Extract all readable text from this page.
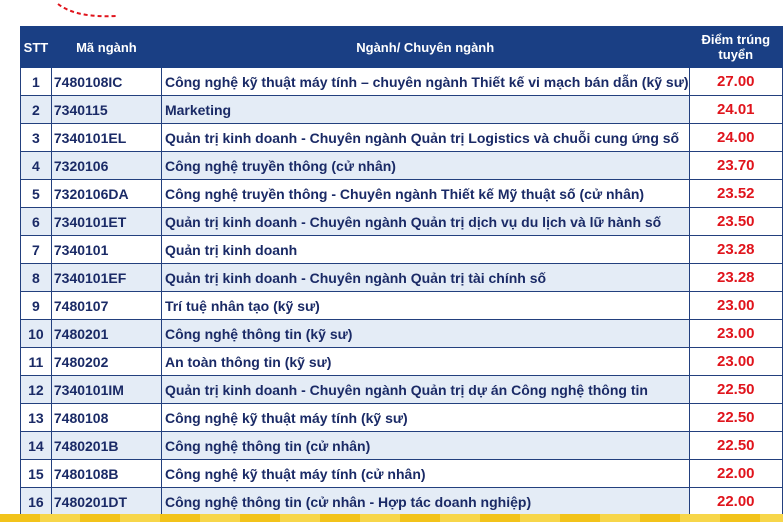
STT	Mã ngành	Ngành/ Chuyên ngành	Điểm trúng tuyển
1	7480108IC	Công nghệ kỹ thuật máy tính – chuyên ngành Thiết kế vi mạch bán dẫn (kỹ sư)	27.00
2	7340115	Marketing	24.01
3	7340101EL	Quản trị kinh doanh - Chuyên ngành Quản trị Logistics và chuỗi cung ứng số	24.00
4	7320106	Công nghệ truyền thông (cử nhân)	23.70
5	7320106DA	Công nghệ truyền thông - Chuyên ngành Thiết kế Mỹ thuật số (cử nhân)	23.52
6	7340101ET	Quản trị kinh doanh - Chuyên ngành Quản trị dịch vụ du lịch và lữ hành số	23.50
7	7340101	Quản trị kinh doanh	23.28
8	7340101EF	Quản trị kinh doanh - Chuyên ngành Quản trị tài chính số	23.28
9	7480107	Trí tuệ nhân tạo (kỹ sư)	23.00
10	7480201	Công nghệ thông tin (kỹ sư)	23.00
11	7480202	An toàn thông tin (kỹ sư)	23.00
12	7340101IM	Quản trị kinh doanh - Chuyên ngành Quản trị dự án Công nghệ thông tin	22.50
13	7480108	Công nghệ kỹ thuật máy tính (kỹ sư)	22.50
14	7480201B	Công nghệ thông tin (cử nhân)	22.50
15	7480108B	Công nghệ kỹ thuật máy tính (cử nhân)	22.00
16	7480201DT	Công nghệ thông tin (cử nhân - Hợp tác doanh nghiệp)	22.00
